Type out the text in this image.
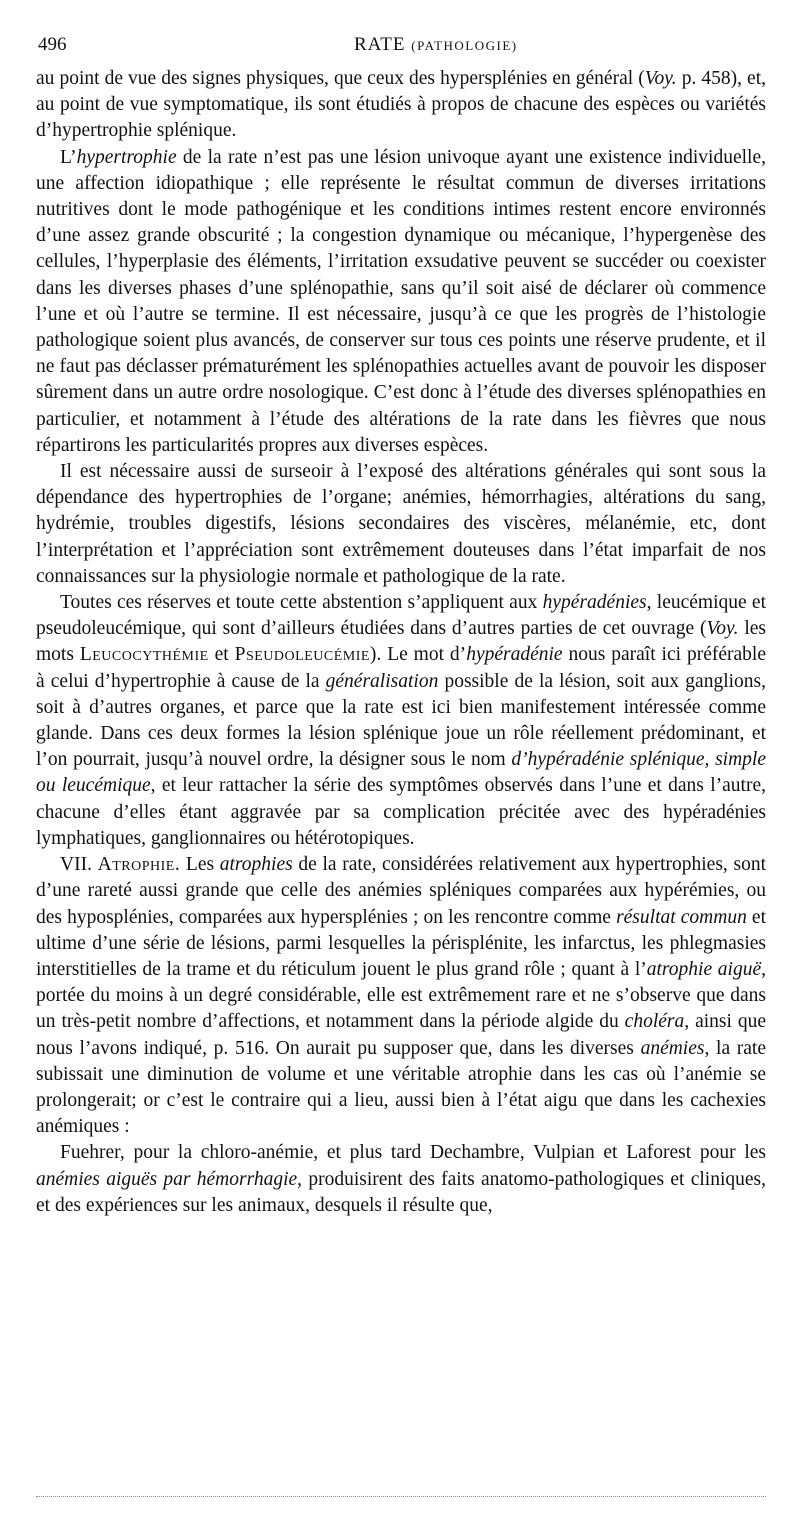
496	RATE (PATHOLOGIE)

au point de vue des signes physiques, que ceux des hypersplénies en général (Voy. p. 458), et, au point de vue symptomatique, ils sont étudiés à propos de chacune des espèces ou variétés d’hypertrophie splénique.

L’hypertrophie de la rate n’est pas une lésion univoque ayant une existence individuelle, une affection idiopathique ; elle représente le résultat commun de diverses irritations nutritives dont le mode pathogénique et les conditions intimes restent encore environnés d’une assez grande obscurité ; la congestion dynamique ou mécanique, l’hypergenèse des cellules, l’hyperplasie des éléments, l’irritation exsudative peuvent se succéder ou coexister dans les diverses phases d’une splénopathie, sans qu’il soit aisé de déclarer où commence l’une et où l’autre se termine. Il est nécessaire, jusqu’à ce que les progrès de l’histologie pathologique soient plus avancés, de conserver sur tous ces points une réserve prudente, et il ne faut pas déclasser prématurément les splénopathies actuelles avant de pouvoir les disposer sûrement dans un autre ordre nosologique. C’est donc à l’étude des diverses splénopathies en particulier, et notamment à l’étude des altérations de la rate dans les fièvres que nous répartirons les particularités propres aux diverses espèces.

Il est nécessaire aussi de surseoir à l’exposé des altérations générales qui sont sous la dépendance des hypertrophies de l’organe; anémies, hémorrhagies, altérations du sang, hydrémie, troubles digestifs, lésions secondaires des viscères, mélanémie, etc, dont l’interprétation et l’appréciation sont extrêmement douteuses dans l’état imparfait de nos connaissances sur la physiologie normale et pathologique de la rate.

Toutes ces réserves et toute cette abstention s’appliquent aux hypéradénies, leucémique et pseudoleucémique, qui sont d’ailleurs étudiées dans d’autres parties de cet ouvrage (Voy. les mots Leucocythémie et Pseudoleucémie). Le mot d’hypéradénie nous paraît ici préférable à celui d’hypertrophie à cause de la généralisation possible de la lésion, soit aux ganglions, soit à d’autres organes, et parce que la rate est ici bien manifestement intéressée comme glande. Dans ces deux formes la lésion splénique joue un rôle réellement prédominant, et l’on pourrait, jusqu’à nouvel ordre, la désigner sous le nom d’hypéradénie splénique, simple ou leucémique, et leur rattacher la série des symptômes observés dans l’une et dans l’autre, chacune d’elles étant aggravée par sa complication précitée avec des hypéradénies lymphatiques, ganglionnaires ou hétérotopiques.

VII. Atrophie. Les atrophies de la rate, considérées relativement aux hypertrophies, sont d’une rareté aussi grande que celle des anémies spléniques comparées aux hypérémies, ou des hyposplénies, comparées aux hypersplénies ; on les rencontre comme résultat commun et ultime d’une série de lésions, parmi lesquelles la périsplénite, les infarctus, les phlegmasies interstitielles de la trame et du réticulum jouent le plus grand rôle ; quant à l’atrophie aiguë, portée du moins à un degré considérable, elle est extrêmement rare et ne s’observe que dans un très-petit nombre d’affections, et notamment dans la période algide du choléra, ainsi que nous l’avons indiqué, p. 516. On aurait pu supposer que, dans les diverses anémies, la rate subissait une diminution de volume et une véritable atrophie dans les cas où l’anémie se prolongerait; or c’est le contraire qui a lieu, aussi bien à l’état aigu que dans les cachexies anémiques :

Fuehrer, pour la chloro-anémie, et plus tard Dechambre, Vulpian et Laforest pour les anémies aiguës par hémorrhagie, produisirent des faits anatomo-pathologiques et cliniques, et des expériences sur les animaux, desquels il résulte que,
